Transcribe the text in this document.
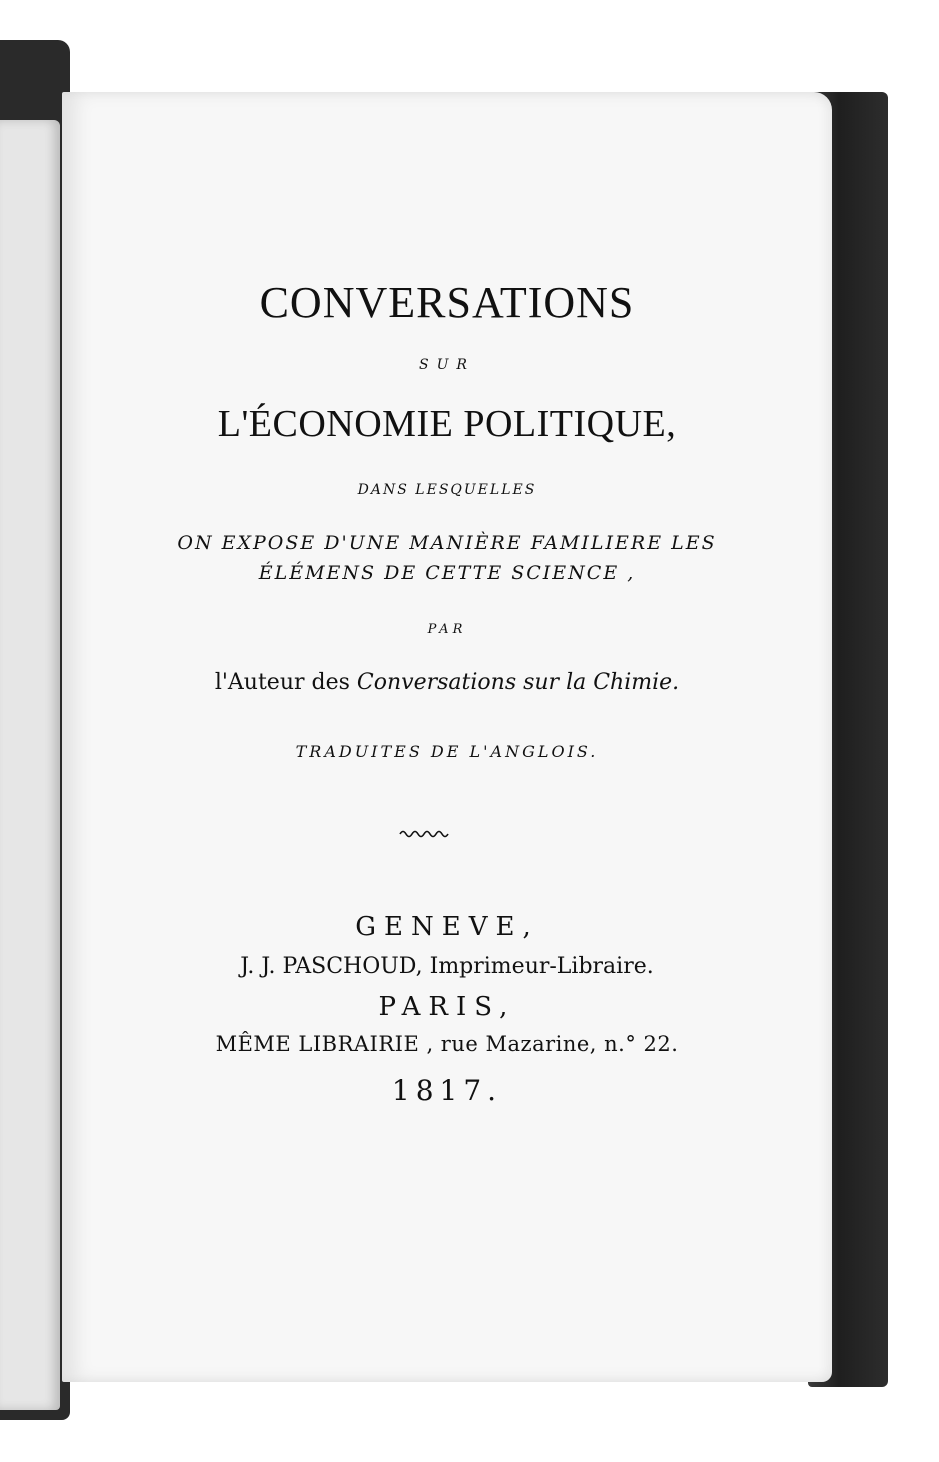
CONVERSATIONS
SUR
L'ÉCONOMIE POLITIQUE,
DANS LESQUELLES
ON EXPOSE D'UNE MANIÈRE FAMILIERE LES
ÉLÉMENS DE CETTE SCIENCE ,
PAR
l'Auteur des Conversations sur la Chimie.
TRADUITES DE L'ANGLOIS.
GENEVE,
J. J. PASCHOUD, Imprimeur-Libraire.
PARIS,
MÊME LIBRAIRIE , rue Mazarine, n.° 22.
1817.
